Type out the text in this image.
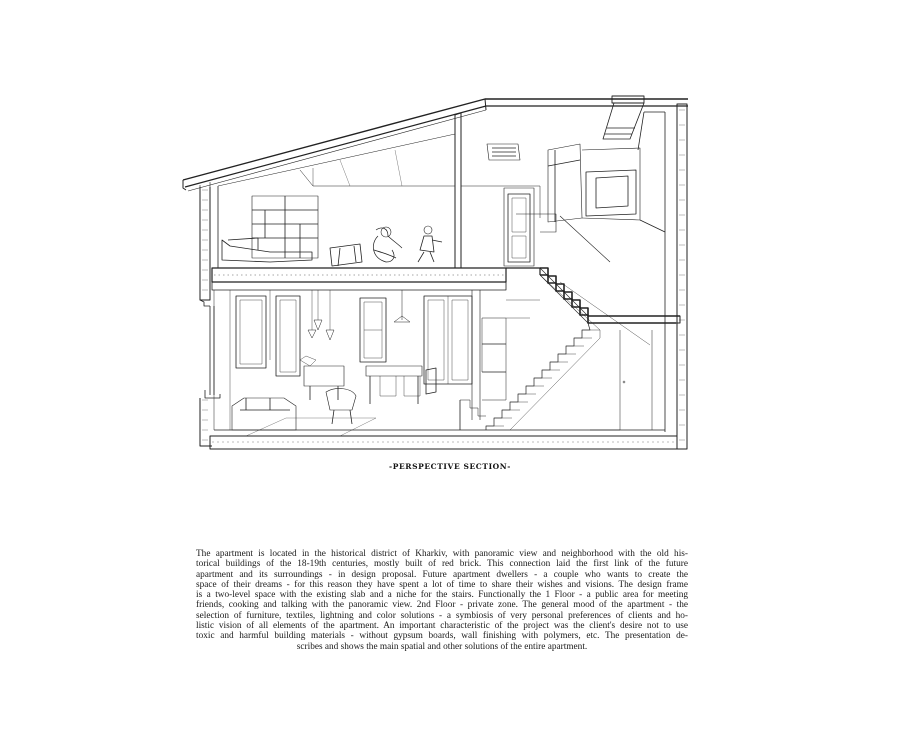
-PERSPECTIVE SECTION-
The apartment is located in the historical district of Kharkiv, with panoramic view and neighborhood with the old his-
torical buildings of the 18-19th centuries, mostly built of red brick. This connection laid the first link of the future
apartment and its surroundings - in design proposal. Future apartment dwellers - a couple who wants to create the
space of their dreams - for this reason they have spent a lot of time to share their wishes and visions. The design frame
is a two-level space with the existing slab and a niche for the stairs. Functionally the 1 Floor - a public area for meeting
friends, cooking and talking with the panoramic view. 2nd Floor - private zone. The general mood of the apartment - the
selection of furniture, textiles, lightning and color solutions - a symbiosis of very personal preferences of clients and ho-
listic vision of all elements of the apartment. An important characteristic of the project was the client's desire not to use
toxic and harmful building materials - without gypsum boards, wall finishing with polymers, etc. The presentation de-
scribes and shows the main spatial and other solutions of the entire apartment.
